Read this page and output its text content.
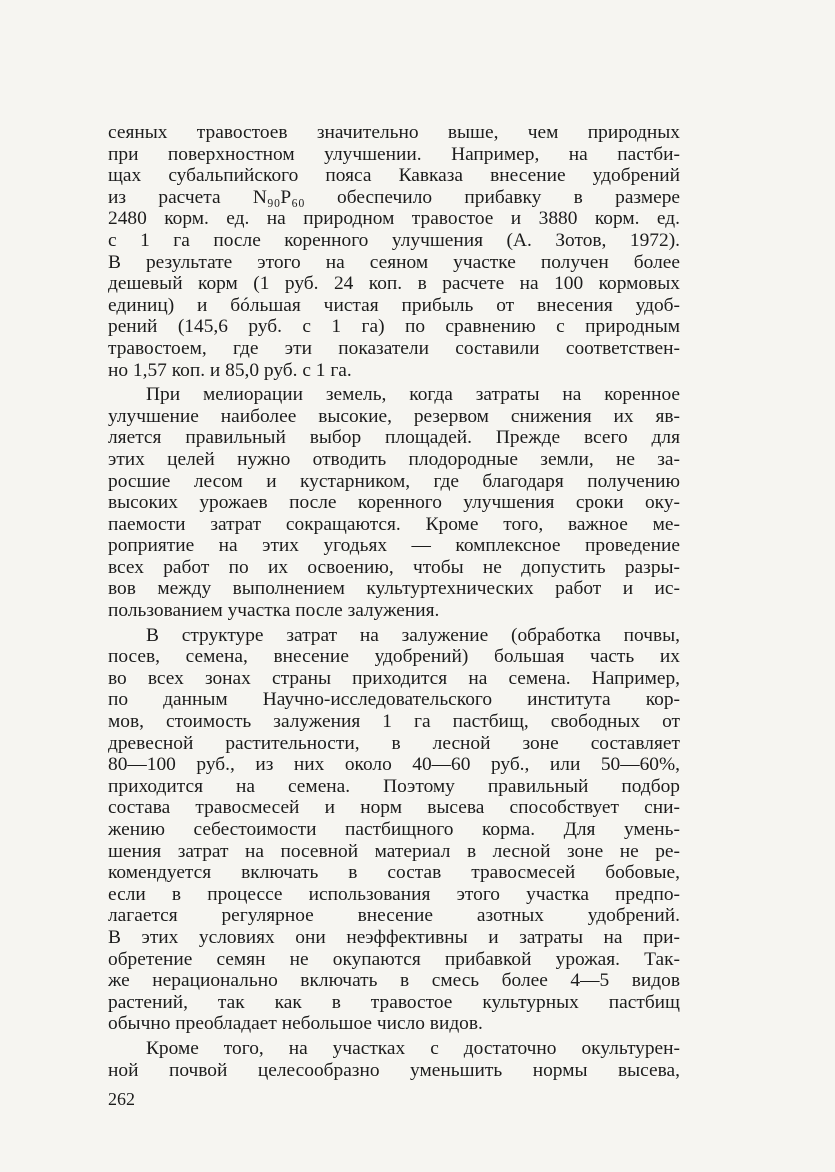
сеяных травостоев значительно выше, чем природных
при поверхностном улучшении. Например, на пастби-
щах субальпийского пояса Кавказа внесение удобрений
из расчета N₉₀P₆₀ обеспечило прибавку в размере
2480 корм. ед. на природном травостое и 3880 корм. ед.
с 1 га после коренного улучшения (А. Зотов, 1972).
В результате этого на сеяном участке получен более
дешевый корм (1 руб. 24 коп. в расчете на 100 кормовых
единиц) и бóльшая чистая прибыль от внесения удоб-
рений (145,6 руб. с 1 га) по сравнению с природным
травостоем, где эти показатели составили соответствен-
но 1,57 коп. и 85,0 руб. с 1 га.
При мелиорации земель, когда затраты на коренное
улучшение наиболее высокие, резервом снижения их яв-
ляется правильный выбор площадей. Прежде всего для
этих целей нужно отводить плодородные земли, не за-
росшие лесом и кустарником, где благодаря получению
высоких урожаев после коренного улучшения сроки оку-
паемости затрат сокращаются. Кроме того, важное ме-
роприятие на этих угодьях — комплексное проведение
всех работ по их освоению, чтобы не допустить разры-
вов между выполнением культуртехнических работ и ис-
пользованием участка после залужения.
В структуре затрат на залужение (обработка почвы,
посев, семена, внесение удобрений) большая часть их
во всех зонах страны приходится на семена. Например,
по данным Научно-исследовательского института кор-
мов, стоимость залужения 1 га пастбищ, свободных от
древесной растительности, в лесной зоне составляет
80—100 руб., из них около 40—60 руб., или 50—60%,
приходится на семена. Поэтому правильный подбор
состава травосмесей и норм высева способствует сни-
жению себестоимости пастбищного корма. Для умень-
шения затрат на посевной материал в лесной зоне не ре-
комендуется включать в состав травосмесей бобовые,
если в процессе использования этого участка предпо-
лагается регулярное внесение азотных удобрений.
В этих условиях они неэффективны и затраты на при-
обретение семян не окупаются прибавкой урожая. Так-
же нерационально включать в смесь более 4—5 видов
растений, так как в травостое культурных пастбищ
обычно преобладает небольшое число видов.
Кроме того, на участках с достаточно окультурен-
ной почвой целесообразно уменьшить нормы высева,
262
